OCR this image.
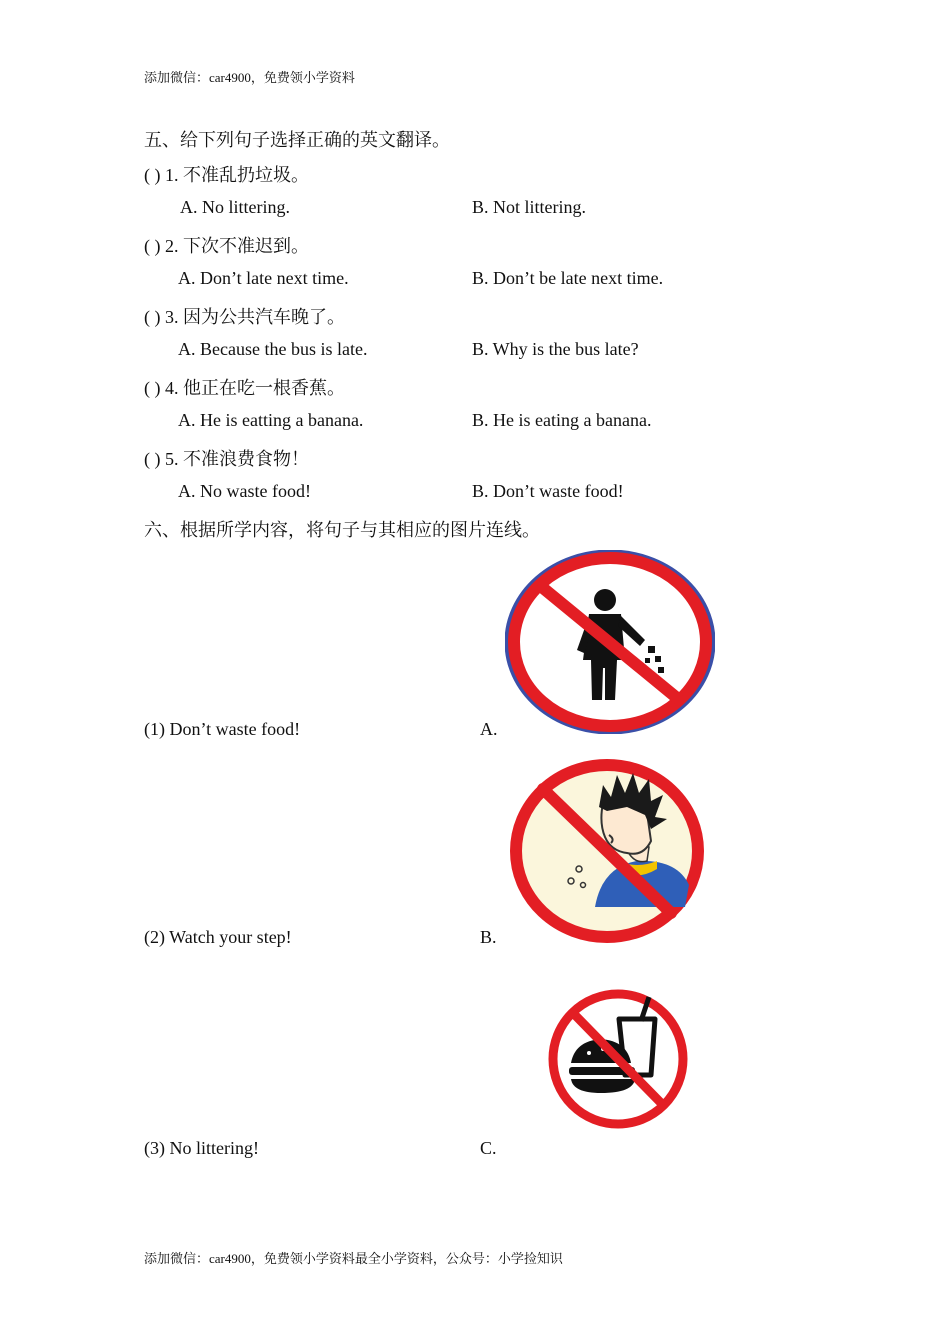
添加微信：car4900，免费领小学资料
五、给下列句子选择正确的英文翻译。
( ) 1. 不准乱扔垃圾。
A. No littering.	B. Not littering.
( ) 2. 下次不准迟到。
A. Don’t late next time.	B. Don’t be late next time.
( ) 3. 因为公共汽车晚了。
A. Because the bus is late.	B. Why is the bus late?
( ) 4. 他正在吃一根香蕉。
A. He is eatting a banana.	B. He is eating a banana.
( ) 5. 不准浪费食物！
A. No waste food!	B. Don’t waste food!
六、根据所学内容，将句子与其相应的图片连线。
(1) Don’t waste food!	A.
(2) Watch your step!	B.
(3) No littering!	C.
添加微信：car4900，免费领小学资料最全小学资料，公众号：小学捡知识
